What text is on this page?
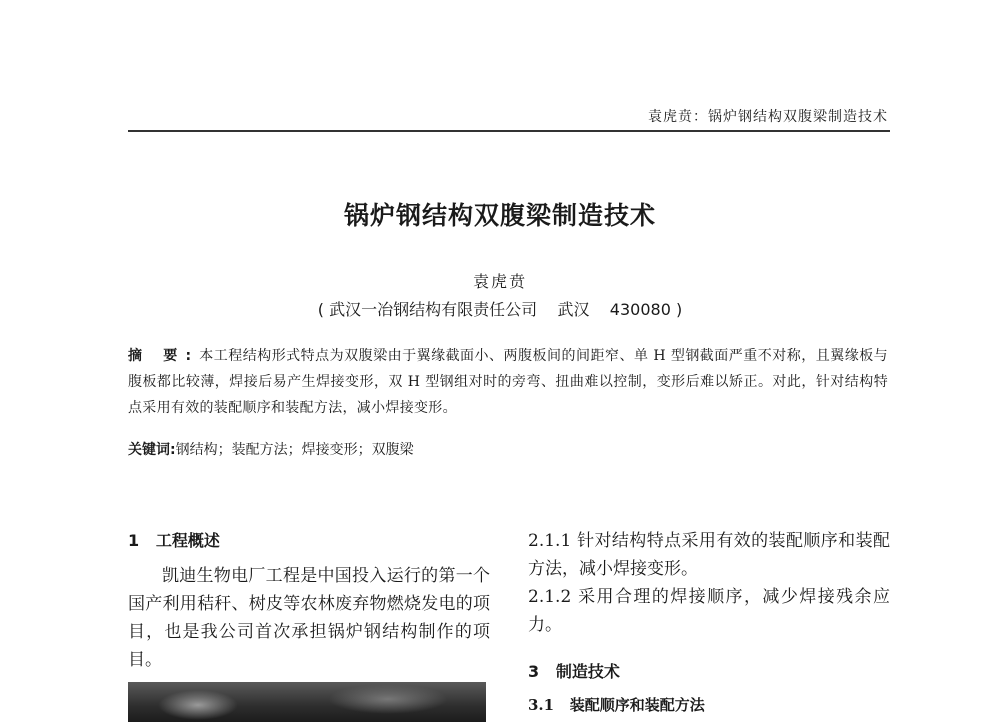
袁虎贲：锅炉钢结构双腹梁制造技术
锅炉钢结构双腹梁制造技术
袁虎贲
( 武汉一冶钢结构有限责任公司    武汉    430080 )
摘 要:本工程结构形式特点为双腹梁由于翼缘截面小、两腹板间的间距窄、单 H 型钢截面严重不对称，且翼缘板与腹板都比较薄，焊接后易产生焊接变形，双 H 型钢组对时的旁弯、扭曲难以控制，变形后难以矫正。对此，针对结构特点采用有效的装配顺序和装配方法，减小焊接变形。
关键词:钢结构；装配方法；焊接变形；双腹梁
1   工程概述
凯迪生物电厂工程是中国投入运行的第一个国产利用秸秆、树皮等农林废弃物燃烧发电的项目，也是我公司首次承担锅炉钢结构制作的项目。
2.1.1 针对结构特点采用有效的装配顺序和装配方法，减小焊接变形。
2.1.2 采用合理的焊接顺序，减少焊接残余应力。
3   制造技术
3.1   装配顺序和装配方法
